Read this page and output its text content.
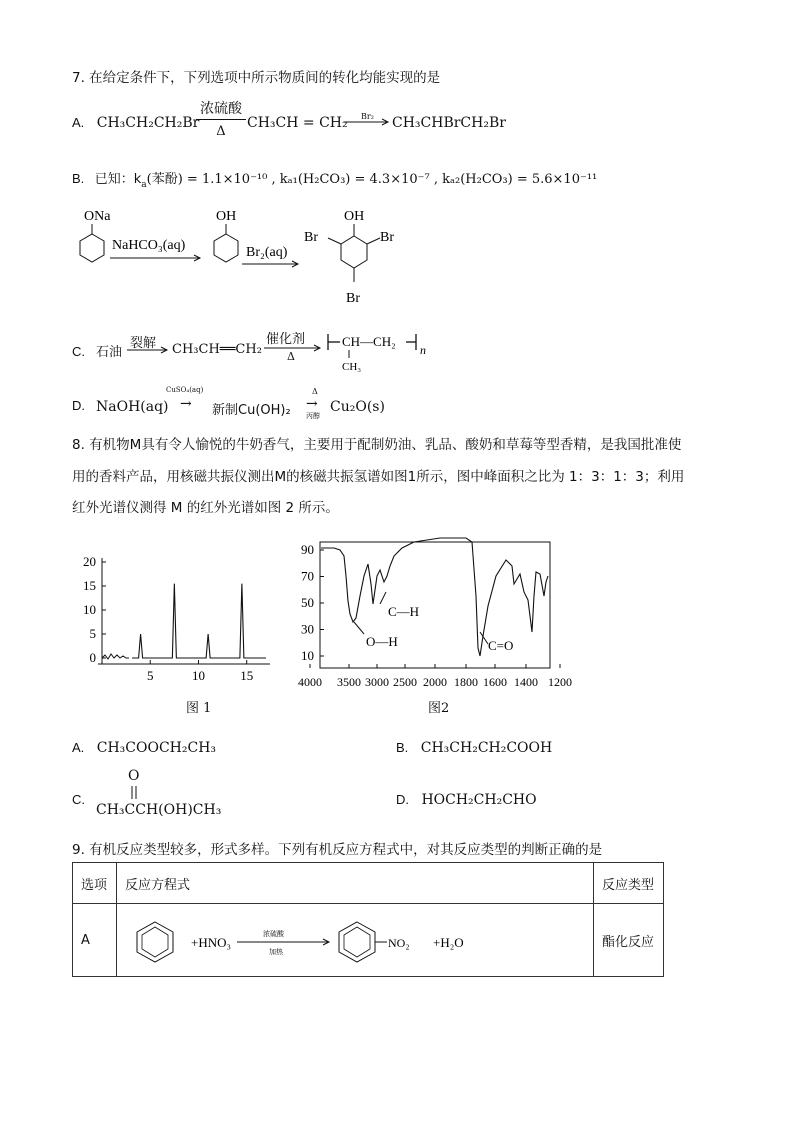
7. 在给定条件下，下列选项中所示物质间的转化均能实现的是
A. CH₃CH₂CH₂Br
浓硫酸
Δ
CH₃CH = CH₂ Br₂ CH₃CHBrCH₂Br
B. 已知：$k_a$(苯酚) = 1.1×10⁻¹⁰ , kₐ₁(H₂CO₃) = 4.3×10⁻⁷ , kₐ₂(H₂CO₃) = 5.6×10⁻¹¹
ONa
NaHCO₃(aq)
OH
Br₂(aq)
OH
Br	Br
Br
C. 石油
裂解 CH₃CH══CH₂
催化剂
Δ
CH—CH₂
CH₃
n
D. NaOH(aq)
CuSO₄(aq)
→ 新制Cu(OH)₂
Δ
→
丙醇
Cu₂O(s)
8. 有机物M具有令人愉悦的牛奶香气，主要用于配制奶油、乳品、酸奶和草莓等型香精，是我国批准使
用的香料产品，用核磁共振仪测出M的核磁共振氢谱如图1所示，图中峰面积之比为 1：3：1：3；利用
红外光谱仪测得 M 的红外光谱如图 2 所示。
0
5
10
15
20
5	10	15
图 1
90
70
50
30
10
4000 3500 3000 2500 2000 1800 1600 1400 1200
C—H
O—H	C=O
图2
A. CH₃COOCH₂CH₃	B. CH₃CH₂CH₂COOH
C.
O
CH₃CCH(OH)CH₃
D. HOCH₂CH₂CHO
9. 有机反应类型较多，形式多样。下列有机反应方程式中，对其反应类型的判断正确的是
选项	反应方程式	反应类型
A	+HNO₃
浓硫酸
加热
NO₂ +H₂O	酯化反应
